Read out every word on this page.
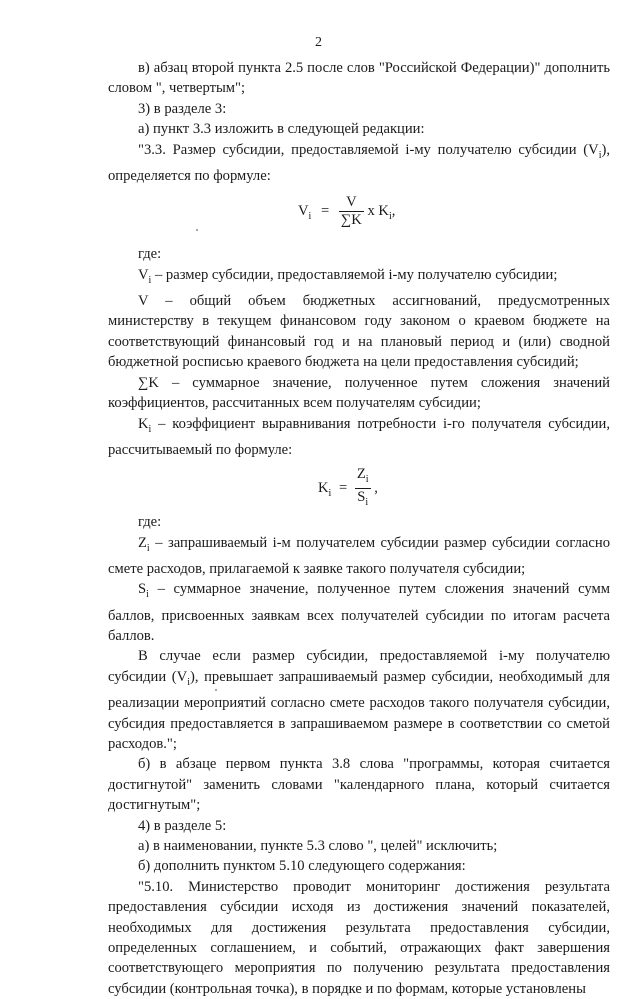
2

в) абзац второй пункта 2.5 после слов "Российской Федерации)" дополнить словом ", четвертым";

3) в разделе 3:

а) пункт 3.3 изложить в следующей редакции:

"3.3. Размер субсидии, предоставляемой i-му получателю субсидии $(V_i)$, определяется по формуле:

$V_i = \frac{V}{\sum K}$ x $K_i$,

где:

$V_i$ – размер субсидии, предоставляемой i-му получателю субсидии;

V – общий объем бюджетных ассигнований, предусмотренных министерству в текущем финансовом году законом о краевом бюджете на соответствующий финансовый год и на плановый период и (или) сводной бюджетной росписью краевого бюджета на цели предоставления субсидий;

∑K – суммарное значение, полученное путем сложения значений коэффициентов, рассчитанных всем получателям субсидии;

$K_i$ – коэффициент выравнивания потребности i-го получателя субсидии, рассчитываемый по формуле:

$K_i = \frac{Z_i}{S_i}$ ,

где:

$Z_i$ – запрашиваемый i-м получателем субсидии размер субсидии согласно смете расходов, прилагаемой к заявке такого получателя субсидии;

$S_i$ – суммарное значение, полученное путем сложения значений сумм баллов, присвоенных заявкам всех получателей субсидии по итогам расчета баллов.

В случае если размер субсидии, предоставляемой i-му получателю субсидии $(V_i)$, превышает запрашиваемый размер субсидии, необходимый для реализации мероприятий согласно смете расходов такого получателя субсидии, субсидия предоставляется в запрашиваемом размере в соответствии со сметой расходов.";

б) в абзаце первом пункта 3.8 слова "программы, которая считается достигнутой" заменить словами "календарного плана, который считается достигнутым";

4) в разделе 5:

а) в наименовании, пункте 5.3 слово ", целей" исключить;

б) дополнить пунктом 5.10 следующего содержания:

"5.10. Министерство проводит мониторинг достижения результата предоставления субсидии исходя из достижения значений показателей, необходимых для достижения результата предоставления субсидии, определенных соглашением, и событий, отражающих факт завершения соответствующего мероприятия по получению результата предоставления субсидии (контрольная точка), в порядке и по формам, которые установлены
